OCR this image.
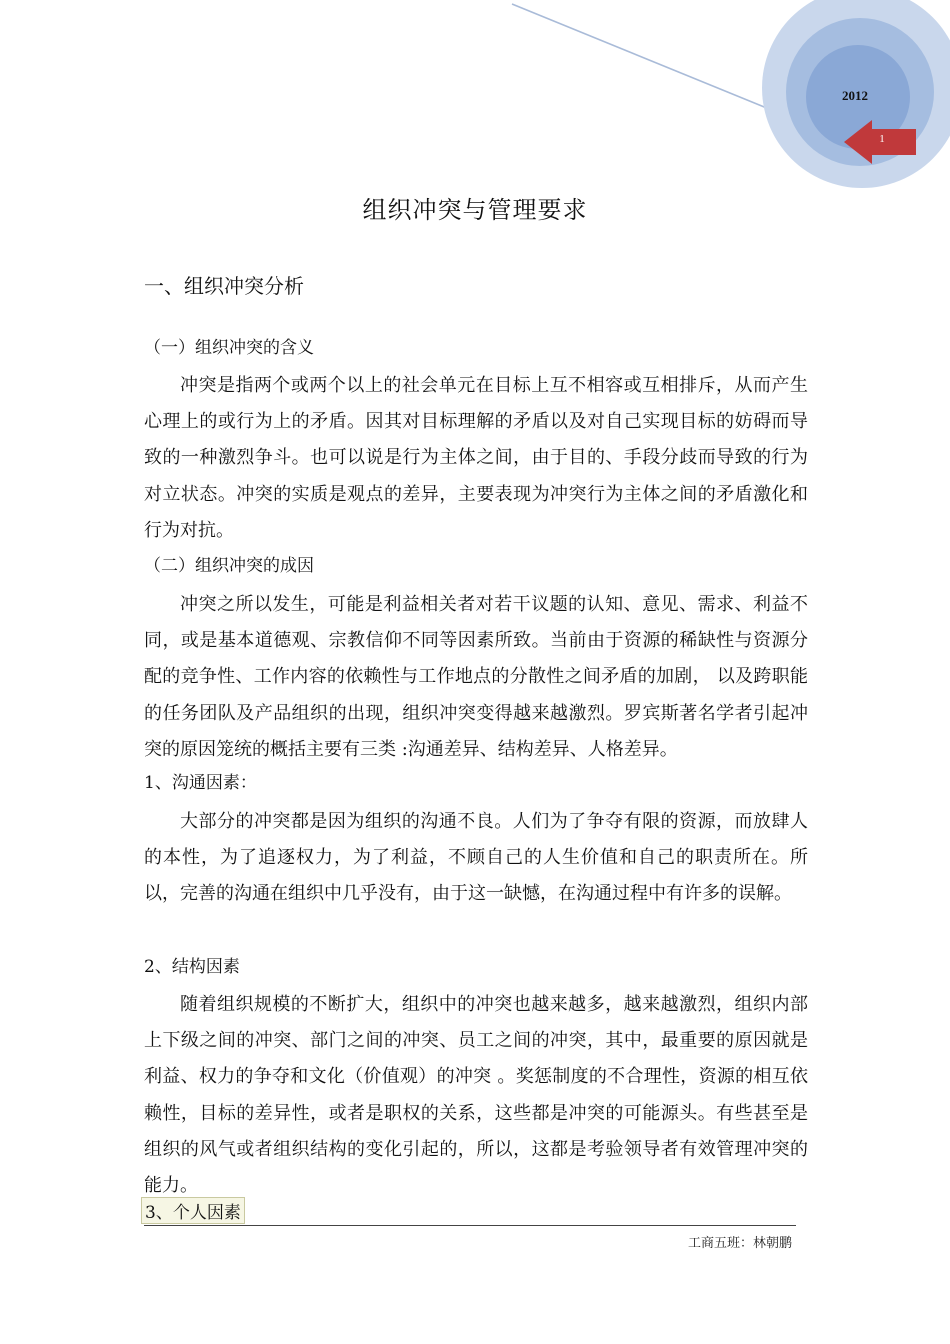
2012
1
组织冲突与管理要求
一、组织冲突分析
（一）组织冲突的含义

冲突是指两个或两个以上的社会单元在目标上互不相容或互相排斥，从而产生心理上的或行为上的矛盾。因其对目标理解的矛盾以及对自己实现目标的妨碍而导致的一种激烈争斗。也可以说是行为主体之间，由于目的、手段分歧而导致的行为对立状态。冲突的实质是观点的差异，主要表现为冲突行为主体之间的矛盾激化和行为对抗。

（二）组织冲突的成因

冲突之所以发生，可能是利益相关者对若干议题的认知、意见、需求、利益不同，或是基本道德观、宗教信仰不同等因素所致。当前由于资源的稀缺性与资源分配的竞争性、工作内容的依赖性与工作地点的分散性之间矛盾的加剧， 以及跨职能的任务团队及产品组织的出现，组织冲突变得越来越激烈。罗宾斯著名学者引起冲突的原因笼统的概括主要有三类 :沟通差异、结构差异、人格差异。

1、沟通因素：

大部分的冲突都是因为组织的沟通不良。人们为了争夺有限的资源，而放肆人的本性，为了追逐权力，为了利益，不顾自己的人生价值和自己的职责所在。所以，完善的沟通在组织中几乎没有，由于这一缺憾，在沟通过程中有许多的误解。

2、结构因素

随着组织规模的不断扩大，组织中的冲突也越来越多，越来越激烈，组织内部上下级之间的冲突、部门之间的冲突、员工之间的冲突，其中，最重要的原因就是利益、权力的争夺和文化（价值观）的冲突 。奖惩制度的不合理性，资源的相互依赖性，目标的差异性，或者是职权的关系，这些都是冲突的可能源头。有些甚至是组织的风气或者组织结构的变化引起的，所以，这都是考验领导者有效管理冲突的能力。

3、个人因素
工商五班：林朝鹏
